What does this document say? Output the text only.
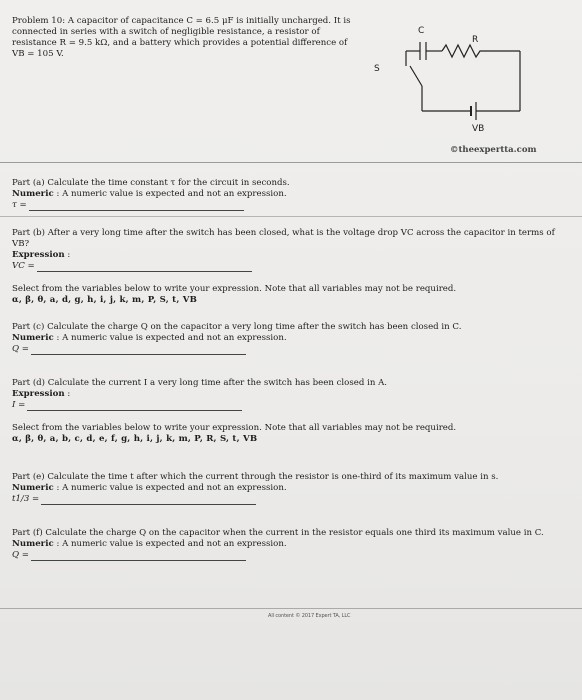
Problem 10: A capacitor of capacitance C = 6.5 μF is initially uncharged. It is connected in series with a switch of negligible resistance, a resistor of resistance R = 9.5 kΩ, and a battery which provides a potential difference of VB = 105 V.
C
R
S
VB
©theexpertta.com
Part (a) Calculate the time constant τ for the circuit in seconds.
Numeric : A numeric value is expected and not an expression.
τ =
Part (b) After a very long time after the switch has been closed, what is the voltage drop VC across the capacitor in terms of VB?
Expression :
VC =
Select from the variables below to write your expression. Note that all variables may not be required.
α, β, θ, a, d, g, h, i, j, k, m, P, S, t, VB
Part (c) Calculate the charge Q on the capacitor a very long time after the switch has been closed in C.
Numeric : A numeric value is expected and not an expression.
Q =
Part (d) Calculate the current I a very long time after the switch has been closed in A.
Expression :
I =
Select from the variables below to write your expression. Note that all variables may not be required.
α, β, θ, a, b, c, d, e, f, g, h, i, j, k, m, P, R, S, t, VB
Part (e) Calculate the time t after which the current through the resistor is one-third of its maximum value in s.
Numeric : A numeric value is expected and not an expression.
t1/3 =
Part (f) Calculate the charge Q on the capacitor when the current in the resistor equals one third its maximum value in C.
Numeric : A numeric value is expected and not an expression.
Q =
All content © 2017 Expert TA, LLC
